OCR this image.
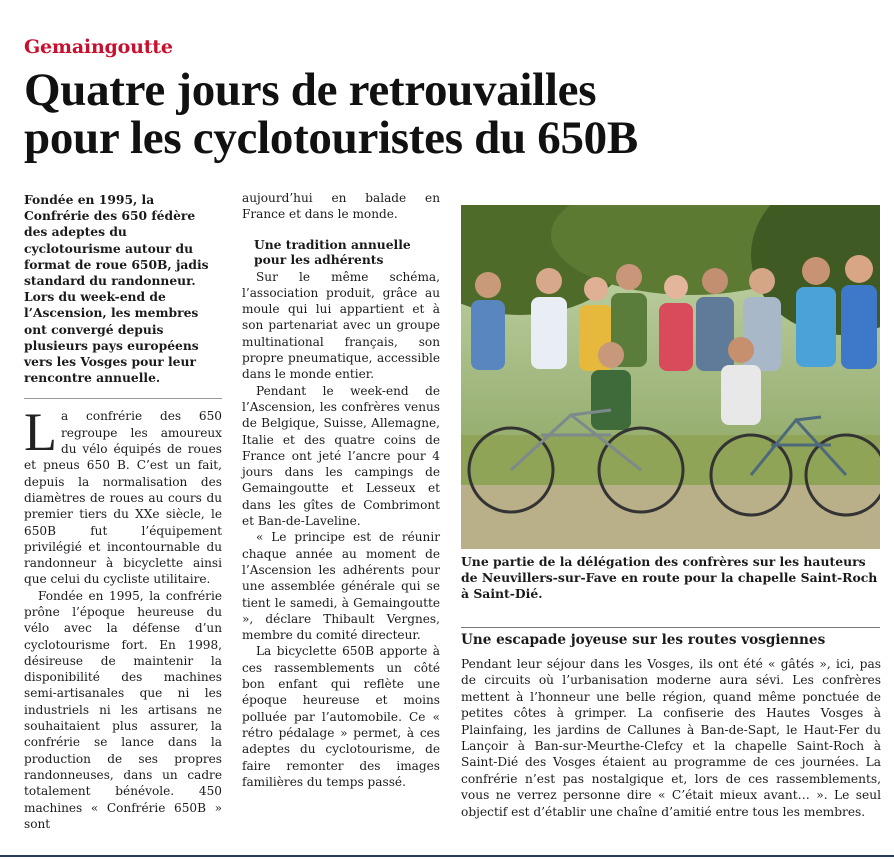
Gemaingoutte
Quatre jours de retrouvailles
pour les cyclotouristes du 650B

Fondée en 1995, la Confrérie des 650 fédère des adeptes du cyclotourisme autour du format de roue 650B, jadis standard du randonneur. Lors du week-end de l’Ascension, les membres ont convergé depuis plusieurs pays européens vers les Vosges pour leur rencontre annuelle.

L a confrérie des 650 regroupe les amoureux du vélo équipés de roues et pneus 650 B. C’est un fait, depuis la normalisation des diamètres de roues au cours du premier tiers du XXe siècle, le 650B fut l’équipement privilégié et incontournable du randonneur à bicyclette ainsi que celui du cycliste utilitaire.

Fondée en 1995, la confrérie prône l’époque heureuse du vélo avec la défense d’un cyclotourisme fort. En 1998, désireuse de maintenir la disponibilité des machines semi-artisanales que ni les industriels ni les artisans ne souhaitaient plus assurer, la confrérie se lance dans la production de ses propres randonneuses, dans un cadre totalement bénévole. 450 machines « Confrérie 650B » sont

aujourd’hui en balade en France et dans le monde.

Une tradition annuelle pour les adhérents

Sur le même schéma, l’association produit, grâce au moule qui lui appartient et à son partenariat avec un groupe multinational français, son propre pneumatique, accessible dans le monde entier.

Pendant le week-end de l’Ascension, les confrères venus de Belgique, Suisse, Allemagne, Italie et des quatre coins de France ont jeté l’ancre pour 4 jours dans les campings de Gemaingoutte et Lesseux et dans les gîtes de Combrimont et Ban-de-Laveline.

« Le principe est de réunir chaque année au moment de l’Ascension les adhérents pour une assemblée générale qui se tient le samedi, à Gemaingoutte », déclare Thibault Vergnes, membre du comité directeur.

La bicyclette 650B apporte à ces rassemblements un côté bon enfant qui reflète une époque heureuse et moins polluée par l’automobile. Ce « rétro pédalage » permet, à ces adeptes du cyclotourisme, de faire remonter des images familières du temps passé.

Une partie de la délégation des confrères sur les hauteurs de Neuvillers-sur-Fave en route pour la chapelle Saint-Roch à Saint-Dié.
Une escapade joyeuse sur les routes vosgiennes

Pendant leur séjour dans les Vosges, ils ont été « gâtés », ici, pas de circuits où l’urbanisation moderne aura sévi. Les confrères mettent à l’honneur une belle région, quand même ponctuée de petites côtes à grimper. La confiserie des Hautes Vosges à Plainfaing, les jardins de Callunes à Ban-de-Sapt, le Haut-Fer du Lançoir à Ban-sur-Meurthe-Clefcy et la chapelle Saint-Roch à Saint-Dié des Vosges étaient au programme de ces journées. La confrérie n’est pas nostalgique et, lors de ces rassemblements, vous ne verrez personne dire « C’était mieux avant… ». Le seul objectif est d’établir une chaîne d’amitié entre tous les membres.
